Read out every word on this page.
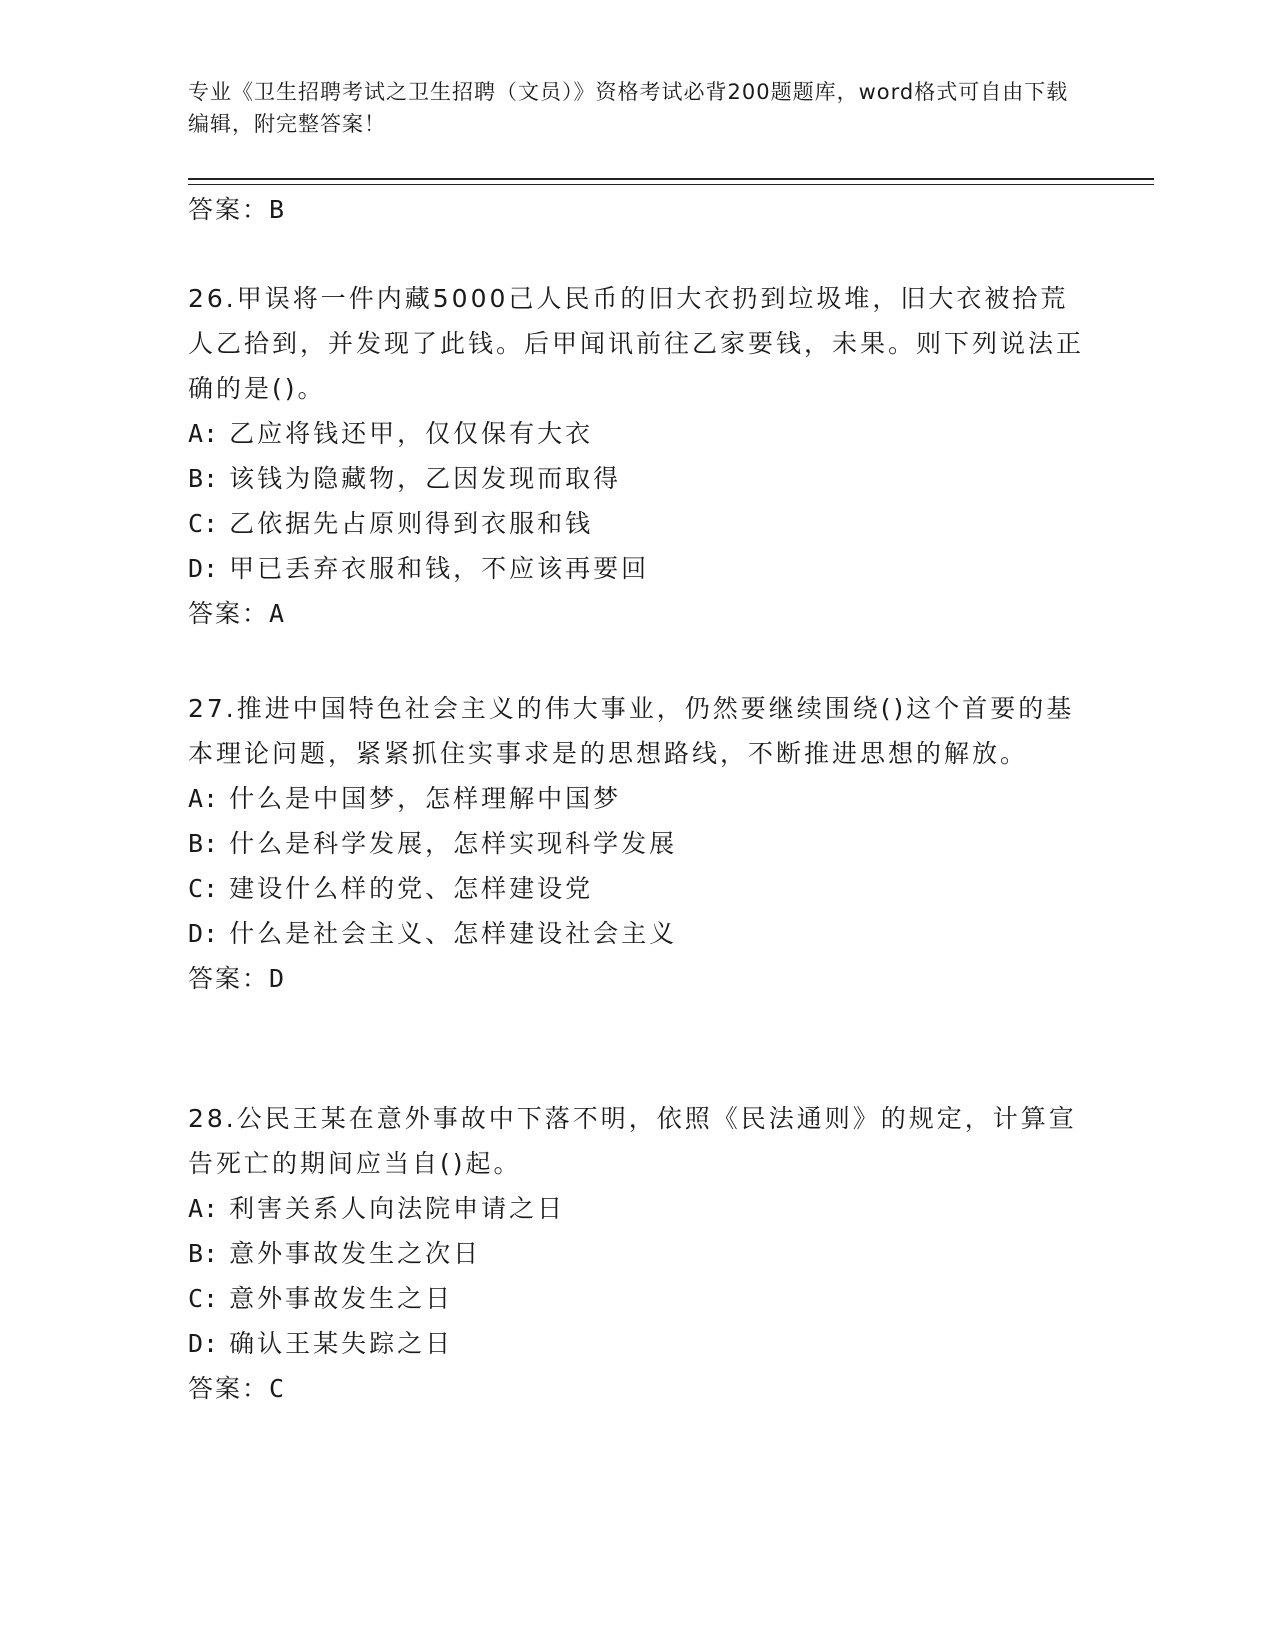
专业《卫生招聘考试之卫生招聘（文员）》资格考试必背200题题库，word格式可自由下载编辑，附完整答案！
答案：B
26.甲误将一件内藏5000己人民币的旧大衣扔到垃圾堆，旧大衣被拾荒人乙拾到，并发现了此钱。后甲闻讯前往乙家要钱，未果。则下列说法正确的是()。
A: 乙应将钱还甲，仅仅保有大衣
B: 该钱为隐藏物，乙因发现而取得
C: 乙依据先占原则得到衣服和钱
D: 甲已丢弃衣服和钱，不应该再要回
答案：A
27.推进中国特色社会主义的伟大事业，仍然要继续围绕()这个首要的基本理论问题，紧紧抓住实事求是的思想路线，不断推进思想的解放。
A: 什么是中国梦，怎样理解中国梦
B: 什么是科学发展，怎样实现科学发展
C: 建设什么样的党、怎样建设党
D: 什么是社会主义、怎样建设社会主义
答案：D
28.公民王某在意外事故中下落不明，依照《民法通则》的规定，计算宣告死亡的期间应当自()起。
A: 利害关系人向法院申请之日
B: 意外事故发生之次日
C: 意外事故发生之日
D: 确认王某失踪之日
答案：C
